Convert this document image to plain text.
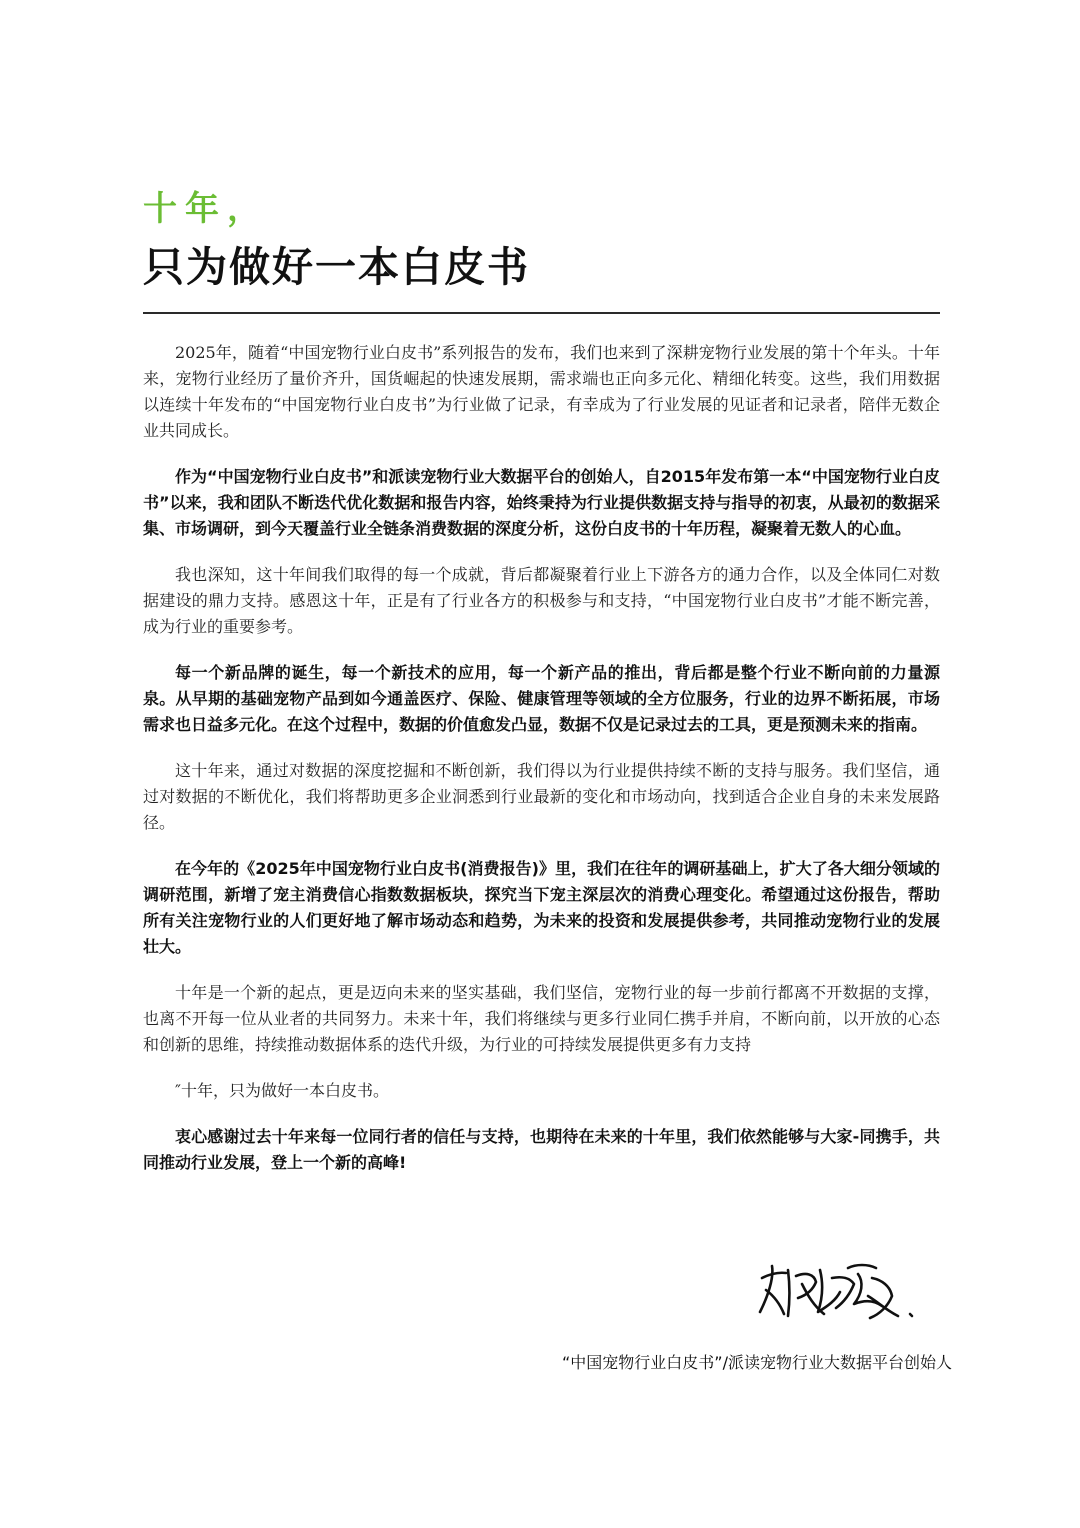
十年，
只为做好一本白皮书

2025年，随着“中国宠物行业白皮书”系列报告的发布，我们也来到了深耕宠物行业发展的第十个年头。十年来，宠物行业经历了量价齐升，国货崛起的快速发展期，需求端也正向多元化、精细化转变。这些，我们用数据以连续十年发布的“中国宠物行业白皮书”为行业做了记录，有幸成为了行业发展的见证者和记录者，陪伴无数企业共同成长。

作为“中国宠物行业白皮书”和派读宠物行业大数据平台的创始人，自2015年发布第一本“中国宠物行业白皮书”以来，我和团队不断迭代优化数据和报告内容，始终秉持为行业提供数据支持与指导的初衷，从最初的数据采集、市场调研，到今天覆盖行业全链条消费数据的深度分析，这份白皮书的十年历程，凝聚着无数人的心血。

我也深知，这十年间我们取得的每一个成就，背后都凝聚着行业上下游各方的通力合作，以及全体同仁对数据建设的鼎力支持。感恩这十年，正是有了行业各方的积极参与和支持，“中国宠物行业白皮书”才能不断完善，成为行业的重要参考。

每一个新品牌的诞生，每一个新技术的应用，每一个新产品的推出，背后都是整个行业不断向前的力量源泉。从早期的基础宠物产品到如今通盖医疗、保险、健康管理等领域的全方位服务，行业的边界不断拓展，市场需求也日益多元化。在这个过程中，数据的价值愈发凸显，数据不仅是记录过去的工具，更是预测未来的指南。

这十年来，通过对数据的深度挖掘和不断创新，我们得以为行业提供持续不断的支持与服务。我们坚信，通过对数据的不断优化，我们将帮助更多企业洞悉到行业最新的变化和市场动向，找到适合企业自身的未来发展路径。

在今年的《2025年中国宠物行业白皮书(消费报告)》里，我们在往年的调研基础上，扩大了各大细分领域的调研范围，新增了宠主消费信心指数数据板块，探究当下宠主深层次的消费心理变化。希望通过这份报告，帮助所有关注宠物行业的人们更好地了解市场动态和趋势，为未来的投资和发展提供参考，共同推动宠物行业的发展壮大。

十年是一个新的起点，更是迈向未来的坚实基础，我们坚信，宠物行业的每一步前行都离不开数据的支撑，也离不开每一位从业者的共同努力。未来十年，我们将继续与更多行业同仁携手并肩，不断向前，以开放的心态和创新的思维，持续推动数据体系的迭代升级，为行业的可持续发展提供更多有力支持

″十年，只为做好一本白皮书。

衷心感谢过去十年来每一位同行者的信任与支持，也期待在未来的十年里，我们依然能够与大家-同携手，共同推动行业发展，登上一个新的高峰!

“中国宠物行业白皮书”/派读宠物行业大数据平台创始人
